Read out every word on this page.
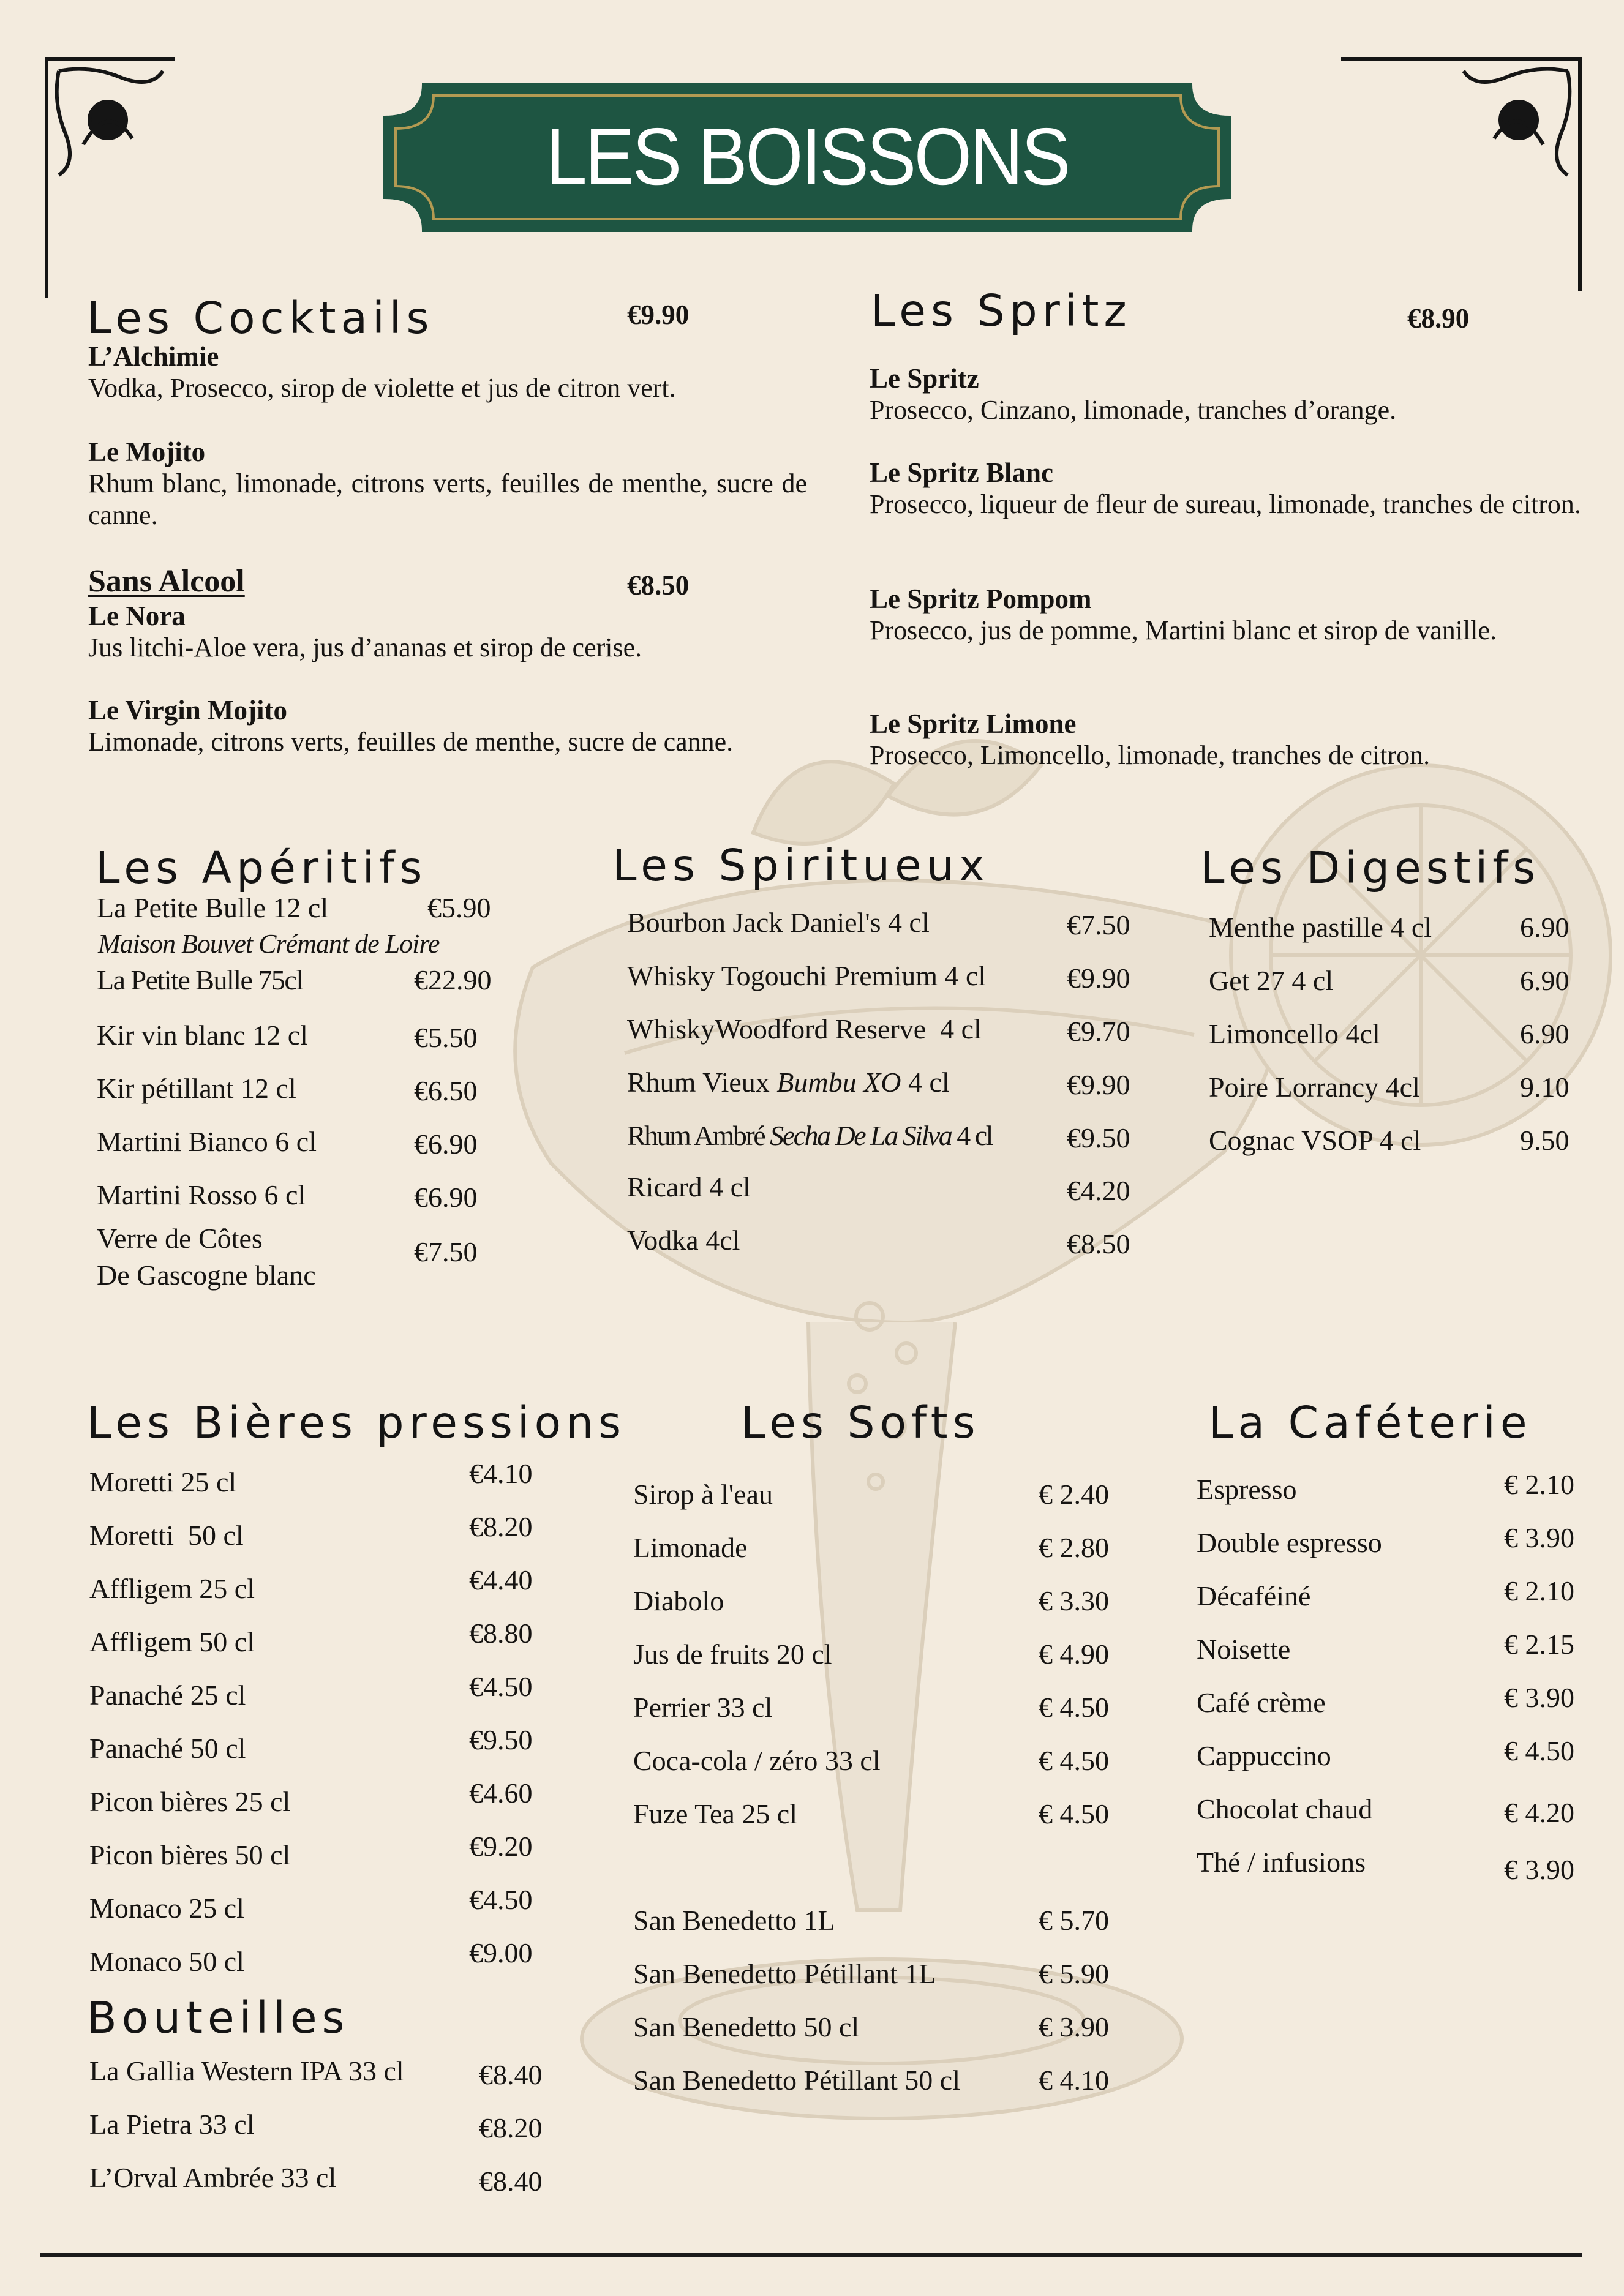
LES BOISSONS
Les Cocktails	€9.90
L’Alchimie
Vodka, Prosecco, sirop de violette et jus de citron vert.
Le Mojito
Rhum blanc, limonade, citrons verts, feuilles de menthe, sucre de canne.
Sans Alcool	€8.50
Le Nora
Jus litchi-Aloe vera, jus d’ananas et sirop de cerise.
Le Virgin Mojito
Limonade, citrons verts, feuilles de menthe, sucre de canne.
Les Spritz	€8.90
Le Spritz
Prosecco, Cinzano, limonade, tranches d’orange.
Le Spritz Blanc
Prosecco, liqueur de fleur de sureau, limonade, tranches de citron.
Le Spritz Pompom
Prosecco, jus de pomme, Martini blanc et sirop de vanille.
Le Spritz Limone
Prosecco, Limoncello, limonade, tranches de citron.
Les Apéritifs
La Petite Bulle 12 cl	€5.90
Maison Bouvet Crémant de Loire
La Petite Bulle 75cl	€22.90
Kir vin blanc 12 cl	€5.50
Kir pétillant 12 cl	€6.50
Martini Bianco 6 cl	€6.90
Martini Rosso 6 cl	€6.90
Verre de Côtes
De Gascogne blanc
€7.50
Les Spiritueux
Bourbon Jack Daniel's 4 cl	€7.50
Whisky Togouchi Premium 4 cl	€9.90
WhiskyWoodford Reserve  4 cl	€9.70
Rhum Vieux Bumbu XO 4 cl	€9.90
Rhum Ambré Secha De La Silva 4 cl	€9.50
Ricard 4 cl	€4.20
Vodka 4cl	€8.50
Les Digestifs
Menthe pastille 4 cl	6.90
Get 27 4 cl	6.90
Limoncello 4cl	6.90
Poire Lorrancy 4cl	9.10
Cognac VSOP 4 cl	9.50
Les Bières pressions
Moretti 25 cl	€4.10
Moretti  50 cl	€8.20
Affligem 25 cl	€4.40
Affligem 50 cl	€8.80
Panaché 25 cl	€4.50
Panaché 50 cl	€9.50
Picon bières 25 cl	€4.60
Picon bières 50 cl	€9.20
Monaco 25 cl	€4.50
Monaco 50 cl	€9.00
Bouteilles
La Gallia Western IPA 33 cl	€8.40
La Pietra 33 cl	€8.20
L’Orval Ambrée 33 cl	€8.40
Les Softs
Sirop à l'eau	€ 2.40
Limonade	€ 2.80
Diabolo	€ 3.30
Jus de fruits 20 cl	€ 4.90
Perrier 33 cl	€ 4.50
Coca-cola / zéro 33 cl	€ 4.50
Fuze Tea 25 cl	€ 4.50
San Benedetto 1L	€ 5.70
San Benedetto Pétillant 1L	€ 5.90
San Benedetto 50 cl	€ 3.90
San Benedetto Pétillant 50 cl	€ 4.10
La Caféterie
Espresso	€ 2.10
Double espresso	€ 3.90
Décaféiné	€ 2.10
Noisette	€ 2.15
Café crème	€ 3.90
Cappuccino	€ 4.50
Chocolat chaud	€ 4.20
Thé / infusions	€ 3.90
